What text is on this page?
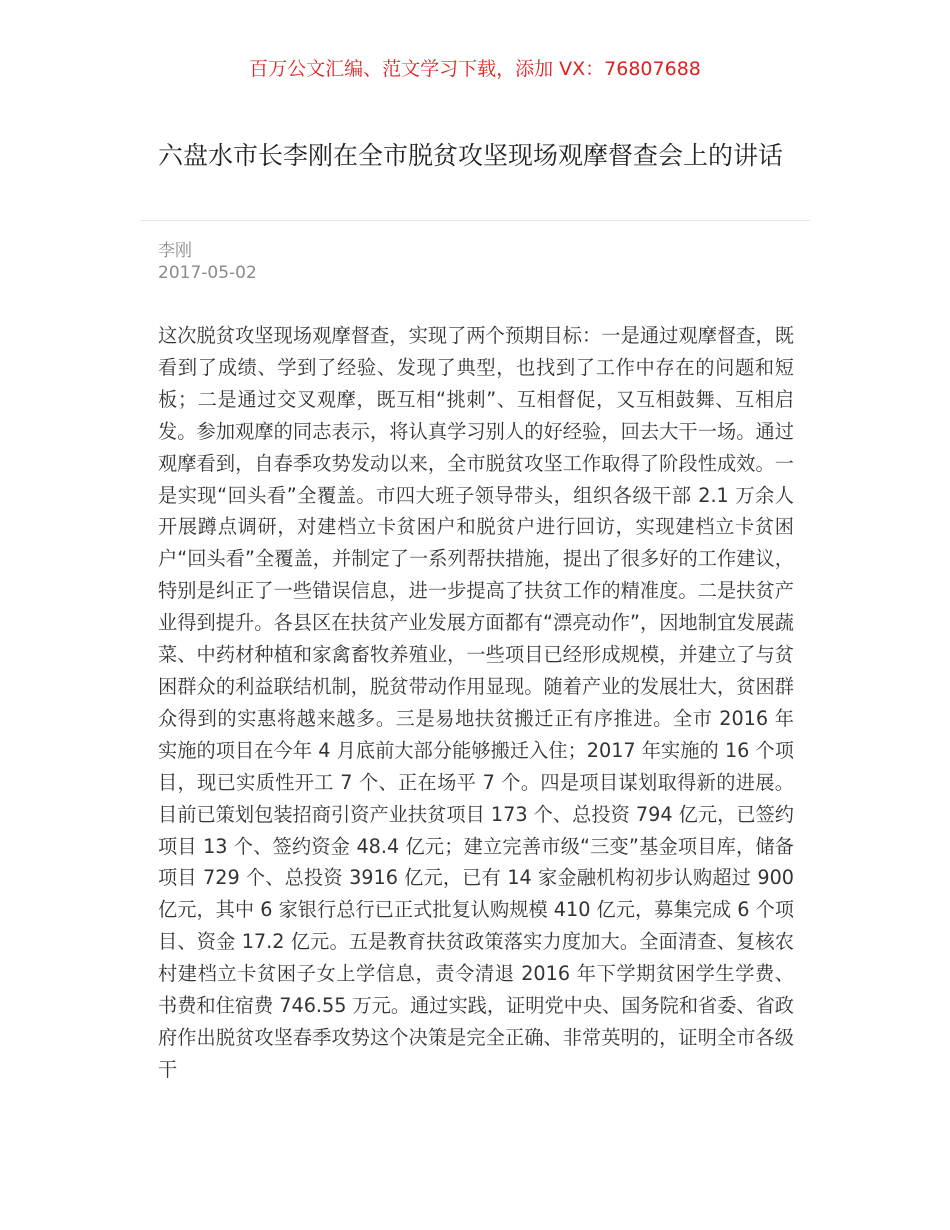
百万公文汇编、范文学习下载，添加 VX：76807688
六盘水市长李刚在全市脱贫攻坚现场观摩督查会上的讲话
李刚
2017-05-02

这次脱贫攻坚现场观摩督查，实现了两个预期目标：一是通过观摩督查，既看到了成绩、学到了经验、发现了典型，也找到了工作中存在的问题和短板；二是通过交叉观摩，既互相“挑刺”、互相督促，又互相鼓舞、互相启发。参加观摩的同志表示，将认真学习别人的好经验，回去大干一场。通过观摩看到，自春季攻势发动以来，全市脱贫攻坚工作取得了阶段性成效。一是实现“回头看”全覆盖。市四大班子领导带头，组织各级干部 2.1 万余人开展蹲点调研，对建档立卡贫困户和脱贫户进行回访，实现建档立卡贫困户“回头看”全覆盖，并制定了一系列帮扶措施，提出了很多好的工作建议，特别是纠正了一些错误信息，进一步提高了扶贫工作的精准度。二是扶贫产业得到提升。各县区在扶贫产业发展方面都有“漂亮动作”，因地制宜发展蔬菜、中药材种植和家禽畜牧养殖业，一些项目已经形成规模，并建立了与贫困群众的利益联结机制，脱贫带动作用显现。随着产业的发展壮大，贫困群众得到的实惠将越来越多。三是易地扶贫搬迁正有序推进。全市 2016 年实施的项目在今年 4 月底前大部分能够搬迁入住；2017 年实施的 16 个项目，现已实质性开工 7 个、正在场平 7 个。四是项目谋划取得新的进展。目前已策划包装招商引资产业扶贫项目 173 个、总投资 794 亿元，已签约项目 13 个、签约资金 48.4 亿元；建立完善市级“三变”基金项目库，储备项目 729 个、总投资 3916 亿元，已有 14 家金融机构初步认购超过 900 亿元，其中 6 家银行总行已正式批复认购规模 410 亿元，募集完成 6 个项目、资金 17.2 亿元。五是教育扶贫政策落实力度加大。全面清查、复核农村建档立卡贫困子女上学信息，责令清退 2016 年下学期贫困学生学费、书费和住宿费 746.55 万元。通过实践，证明党中央、国务院和省委、省政府作出脱贫攻坚春季攻势这个决策是完全正确、非常英明的，证明全市各级干
